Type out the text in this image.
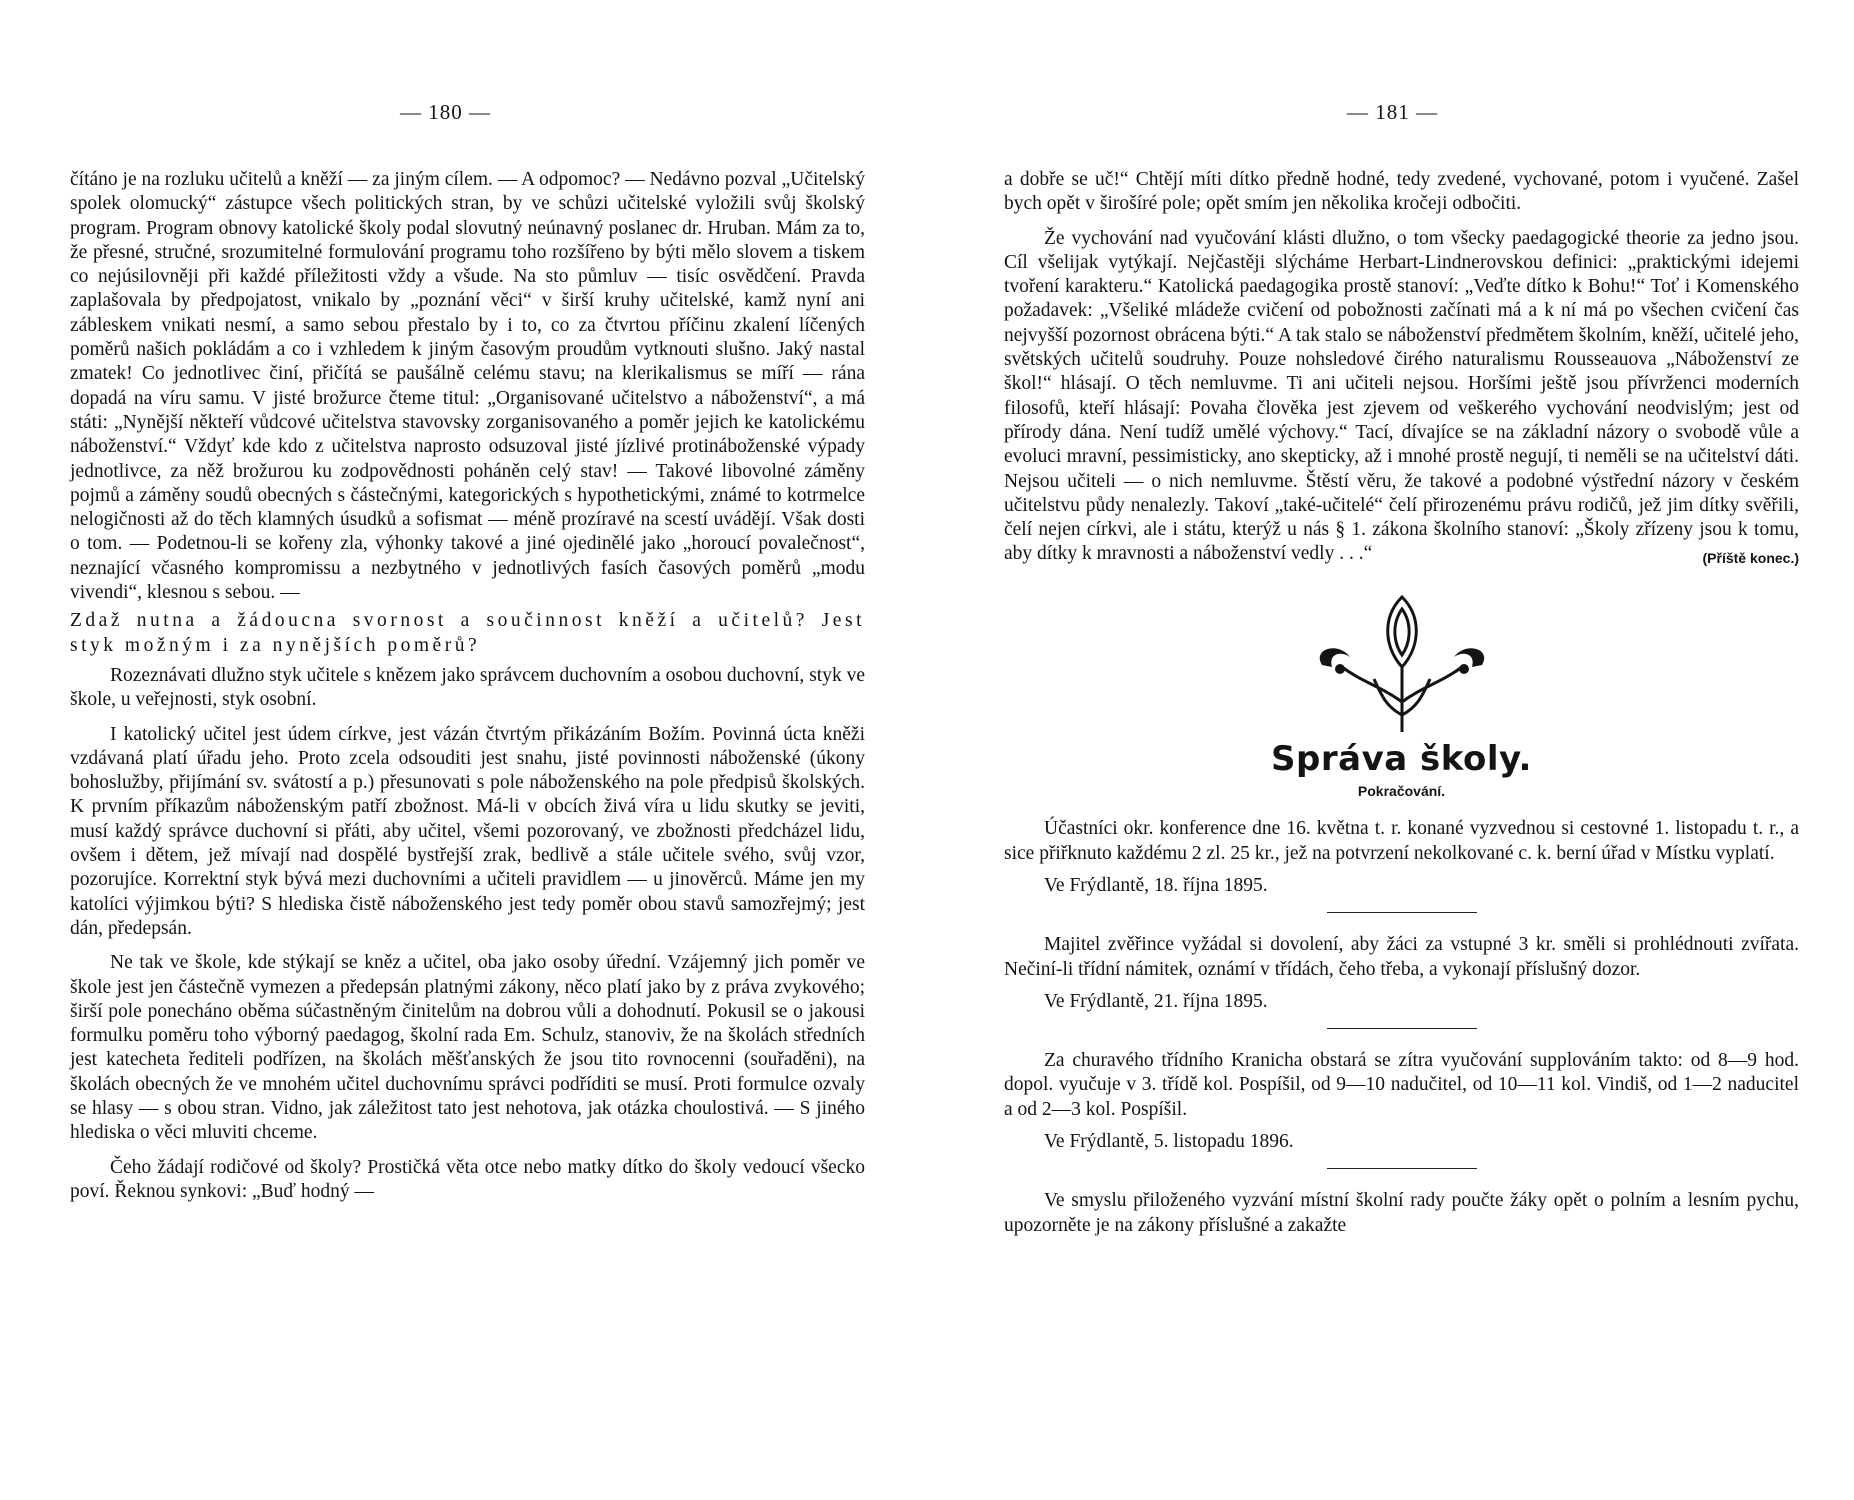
— 180 —

čítáno je na rozluku učitelů a kněží — za jiným cílem. — A odpomoc? — Nedávno pozval „Učitelský spolek olomucký“ zástupce všech politických stran, by ve schůzi učitelské vyložili svůj školský program. Program obnovy katolické školy podal slovutný neúnavný poslanec dr. Hruban. Mám za to, že přesné, stručné, srozumitelné formulování programu toho rozšířeno by býti mělo slovem a tiskem co nejúsilovněji při každé příležitosti vždy a všude. Na sto půmluv — tisíc osvědčení. Pravda zaplašovala by předpojatost, vnikalo by „poznání věci“ v širší kruhy učitelské, kamž nyní ani zábleskem vnikati nesmí, a samo sebou přestalo by i to, co za čtvrtou příčinu zkalení líčených poměrů našich pokládám a co i vzhledem k jiným časovým proudům vytknouti slušno. Jaký nastal zmatek! Co jednotlivec činí, přičítá se paušálně celému stavu; na klerikalismus se míří — rána dopadá na víru samu. V jisté brožurce čteme titul: „Organisované učitelstvo a náboženství“, a má státi: „Nynější někteří vůdcové učitelstva stavovsky zorganisovaného a poměr jejich ke katolickému náboženství.“ Vždyť kde kdo z učitelstva naprosto odsuzoval jisté jízlivé protináboženské výpady jednotlivce, za něž brožurou ku zodpovědnosti poháněn celý stav! — Takové libovolné záměny pojmů a záměny soudů obecných s částečnými, kategorických s hypothetickými, známé to kotrmelce nelogičnosti až do těch klamných úsudků a sofismat — méně prozíravé na scestí uvádějí. Však dosti o tom. — Podetnou-li se kořeny zla, výhonky takové a jiné ojedinělé jako „horoucí povalečnost“, neznající včasného kompromissu a nezbytného v jednotlivých fasích časových poměrů „modu vivendi“, klesnou s sebou. —

Zdaž nutna a žádoucna svornost a součinnost kněží a učitelů? Jest styk možným i za nynějších poměrů?

Rozeznávati dlužno styk učitele s knězem jako správcem duchovním a osobou duchovní, styk ve škole, u veřejnosti, styk osobní.

I katolický učitel jest údem církve, jest vázán čtvrtým přikázáním Božím. Povinná úcta kněži vzdávaná platí úřadu jeho. Proto zcela odsouditi jest snahu, jisté povinnosti náboženské (úkony bohoslužby, přijímání sv. svátostí a p.) přesunovati s pole náboženského na pole předpisů školských. K prvním příkazům náboženským patří zbožnost. Má-li v obcích živá víra u lidu skutky se jeviti, musí každý správce duchovní si přáti, aby učitel, všemi pozorovaný, ve zbožnosti předcházel lidu, ovšem i dětem, jež mívají nad dospělé bystřejší zrak, bedlivě a stále učitele svého, svůj vzor, pozorujíce. Korrektní styk bývá mezi duchovními a učiteli pravidlem — u jinověrců. Máme jen my katolíci výjimkou býti? S hlediska čistě náboženského jest tedy poměr obou stavů samozřejmý; jest dán, předepsán.

Ne tak ve škole, kde stýkají se kněz a učitel, oba jako osoby úřední. Vzájemný jich poměr ve škole jest jen částečně vymezen a předepsán platnými zákony, něco platí jako by z práva zvykového; širší pole ponecháno oběma súčastněným činitelům na dobrou vůli a dohodnutí. Pokusil se o jakousi formulku poměru toho výborný paedagog, školní rada Em. Schulz, stanoviv, že na školách středních jest katecheta řediteli podřízen, na školách měšťanských že jsou tito rovnocenni (souřaděni), na školách obecných že ve mnohém učitel duchovnímu správci podříditi se musí. Proti formulce ozvaly se hlasy — s obou stran. Vidno, jak záležitost tato jest nehotova, jak otázka choulostivá. — S jiného hlediska o věci mluviti chceme.

Čeho žádají rodičové od školy? Prostičká věta otce nebo matky dítko do školy vedoucí všecko poví. Řeknou synkovi: „Buď hodný —

— 181 —

a dobře se uč!“ Chtějí míti dítko předně hodné, tedy zvedené, vychované, potom i vyučené. Zašel bych opět v širošíré pole; opět smím jen několika kročeji odbočiti.

Že vychování nad vyučování klásti dlužno, o tom všecky paedagogické theorie za jedno jsou. Cíl všelijak vytýkají. Nejčastěji slýcháme Herbart-Lindnerovskou definici: „praktickými idejemi tvoření karakteru.“ Katolická paedagogika prostě stanoví: „Veďte dítko k Bohu!“ Toť i Komenského požadavek: „Všeliké mládeže cvičení od pobožnosti začínati má a k ní má po všechen cvičení čas nejvyšší pozornost obrácena býti.“ A tak stalo se náboženství předmětem školním, kněží, učitelé jeho, světských učitelů soudruhy. Pouze nohsledové čirého naturalismu Rousseauova „Náboženství ze škol!“ hlásají. O těch nemluvme. Ti ani učiteli nejsou. Horšími ještě jsou přívrženci moderních filosofů, kteří hlásají: Povaha člověka jest zjevem od veškerého vychování neodvislým; jest od přírody dána. Není tudíž umělé výchovy.“ Tací, dívajíce se na základní názory o svobodě vůle a evoluci mravní, pessimisticky, ano skepticky, až i mnohé prostě negují, ti neměli se na učitelství dáti. Nejsou učiteli — o nich nemluvme. Štěstí věru, že takové a podobné výstřední názory v českém učitelstvu půdy nenalezly. Takoví „také-učitelé“ čelí přirozenému právu rodičů, jež jim dítky svěřili, čelí nejen církvi, ale i státu, kterýž u nás § 1. zákona školního stanoví: „Školy zřízeny jsou k tomu, aby dítky k mravnosti a náboženství vedly . . .“	(Příště konec.)

Správa školy.
Pokračování.

Účastníci okr. konference dne 16. května t. r. konané vyzvednou si cestovné 1. listopadu t. r., a sice přiřknuto každému 2 zl. 25 kr., jež na potvrzení nekolkované c. k. berní úřad v Místku vyplatí.

Ve Frýdlantě, 18. října 1895.

Majitel zvěřince vyžádal si dovolení, aby žáci za vstupné 3 kr. směli si prohlédnouti zvířata. Nečiní-li třídní námitek, oznámí v třídách, čeho třeba, a vykonají příslušný dozor.

Ve Frýdlantě, 21. října 1895.

Za churavého třídního Kranicha obstará se zítra vyučování supplováním takto: od 8—9 hod. dopol. vyučuje v 3. třídě kol. Pospíšil, od 9—10 nadučitel, od 10—11 kol. Vindiš, od 1—2 naducitel a od 2—3 kol. Pospíšil.

Ve Frýdlantě, 5. listopadu 1896.

Ve smyslu přiloženého vyzvání místní školní rady poučte žáky opět o polním a lesním pychu, upozorněte je na zákony příslušné a zakažte
